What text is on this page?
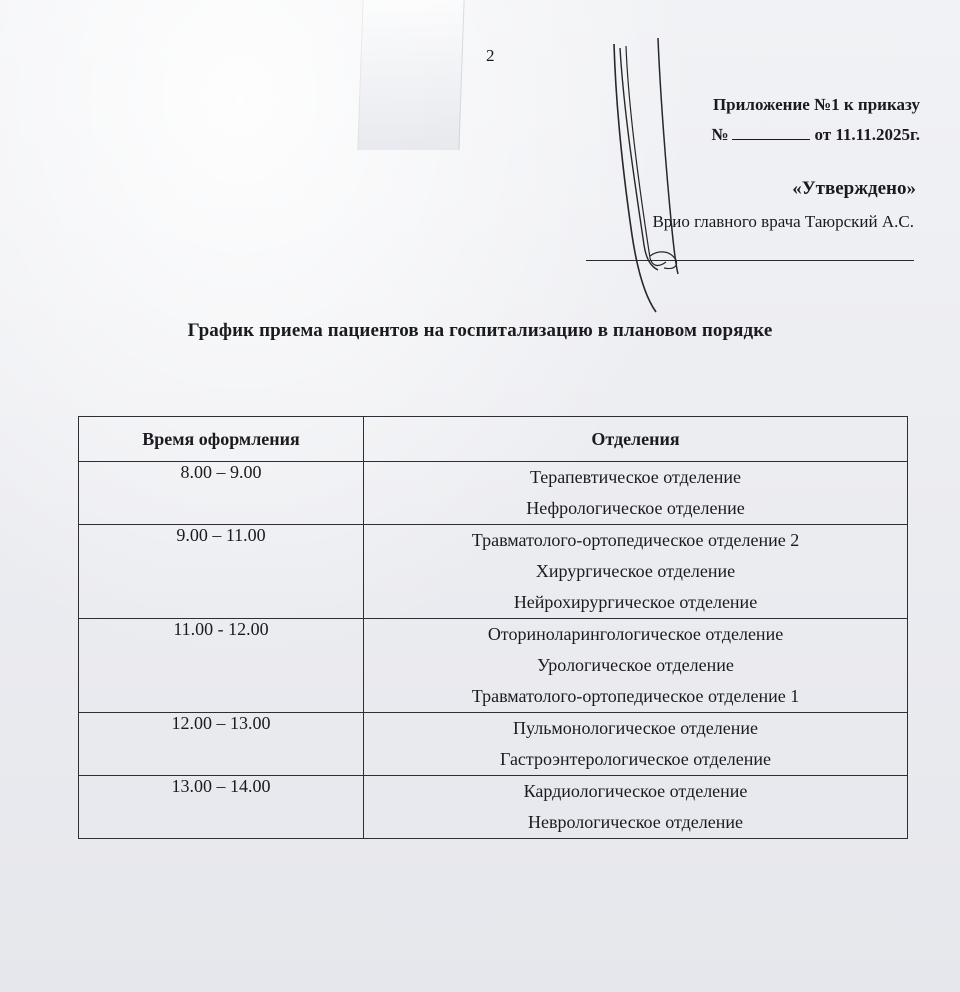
2
Приложение №1 к приказу
№	от 11.11.2025г.
«Утверждено»
Врио главного врача Таюрский А.С.
График приема пациентов на госпитализацию в плановом порядке
Время оформления	Отделения
8.00 – 9.00	Терапевтическое отделение
Нефрологическое отделение

9.00 – 11.00	Травматолого-ортопедическое отделение 2
Хирургическое отделение
Нейрохирургическое отделение

11.00 - 12.00	Оториноларингологическое отделение
Урологическое отделение
Травматолого-ортопедическое отделение 1

12.00 – 13.00	Пульмонологическое отделение
Гастроэнтерологическое отделение

13.00 – 14.00	Кардиологическое отделение
Неврологическое отделение
